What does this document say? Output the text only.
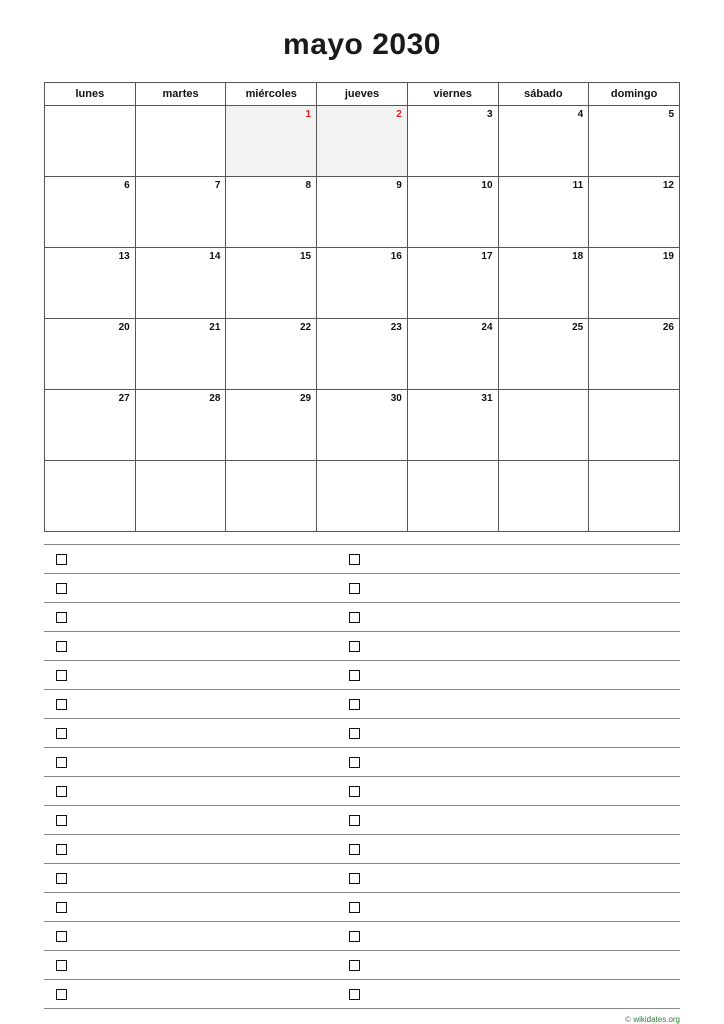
mayo 2030
lunes	martes	miércoles	jueves	viernes	sábado	domingo
		1	2	3	4	5
6	7	8	9	10	11	12
13	14	15	16	17	18	19
20	21	22	23	24	25	26
27	28	29	30	31		

© wikidates.org
